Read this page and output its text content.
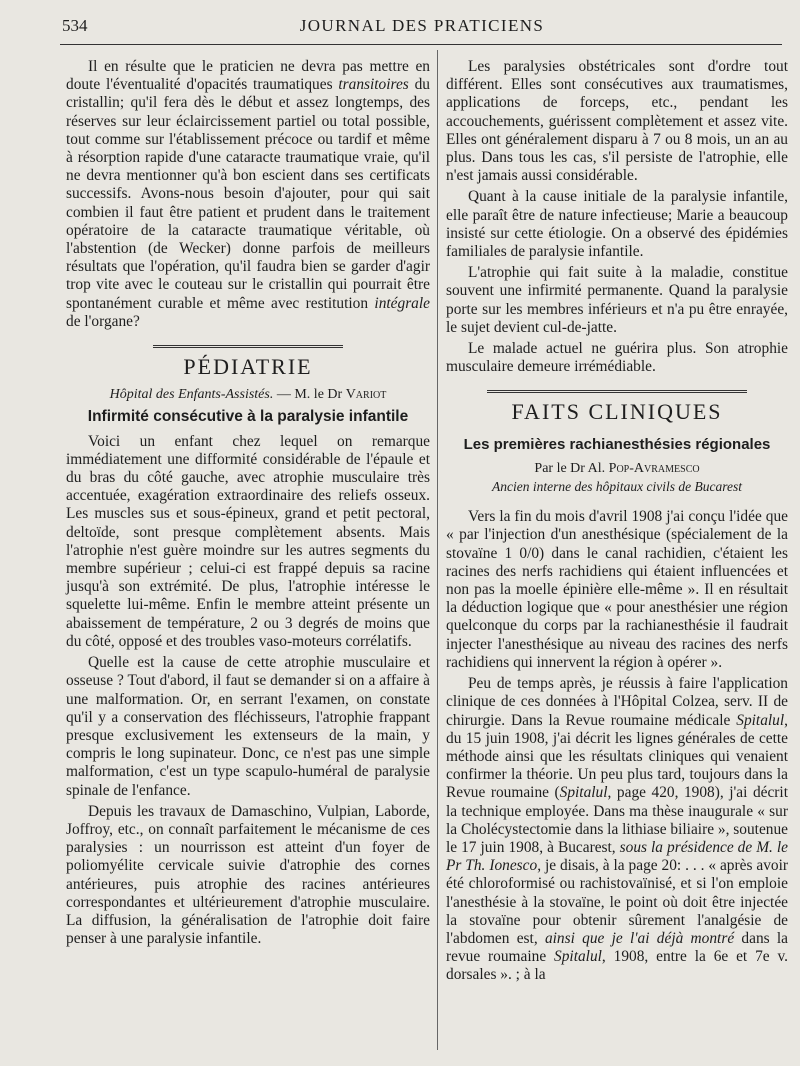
534	JOURNAL DES PRATICIENS

Il en résulte que le praticien ne devra pas mettre en doute l'éventualité d'opacités traumatiques transitoires du cristallin; qu'il fera dès le début et assez longtemps, des réserves sur leur éclaircissement partiel ou total possible, tout comme sur l'établissement précoce ou tardif et même à résorption rapide d'une cataracte traumatique vraie, qu'il ne devra mentionner qu'à bon escient dans ses certificats successifs. Avons-nous besoin d'ajouter, pour qui sait combien il faut être patient et prudent dans le traitement opératoire de la cataracte traumatique véritable, où l'abstention (de Wecker) donne parfois de meilleurs résultats que l'opération, qu'il faudra bien se garder d'agir trop vite avec le couteau sur le cristallin qui pourrait être spontanément curable et même avec restitution intégrale de l'organe?

PÉDIATRIE
Hôpital des Enfants-Assistés. — M. le Dr Variot
Infirmité consécutive à la paralysie infantile

Voici un enfant chez lequel on remarque immédiatement une difformité considérable de l'épaule et du bras du côté gauche, avec atrophie musculaire très accentuée, exagération extraordinaire des reliefs osseux. Les muscles sus et sous-épineux, grand et petit pectoral, deltoïde, sont presque complètement absents. Mais l'atrophie n'est guère moindre sur les autres segments du membre supérieur ; celui-ci est frappé depuis sa racine jusqu'à son extrémité. De plus, l'atrophie intéresse le squelette lui-même. Enfin le membre atteint présente un abaissement de température, 2 ou 3 degrés de moins que du côté, opposé et des troubles vaso-moteurs corrélatifs.

Quelle est la cause de cette atrophie musculaire et osseuse ? Tout d'abord, il faut se demander si on a affaire à une malformation. Or, en serrant l'examen, on constate qu'il y a conservation des fléchisseurs, l'atrophie frappant presque exclusivement les extenseurs de la main, y compris le long supinateur. Donc, ce n'est pas une simple malformation, c'est un type scapulo-huméral de paralysie spinale de l'enfance.

Depuis les travaux de Damaschino, Vulpian, Laborde, Joffroy, etc., on connaît parfaitement le mécanisme de ces paralysies : un nourrisson est atteint d'un foyer de poliomyélite cervicale suivie d'atrophie des cornes antérieures, puis atrophie des racines antérieures correspondantes et ultérieurement d'atrophie musculaire. La diffusion, la généralisation de l'atrophie doit faire penser à une paralysie infantile.

Les paralysies obstétricales sont d'ordre tout différent. Elles sont consécutives aux traumatismes, applications de forceps, etc., pendant les accouchements, guérissent complètement et assez vite. Elles ont généralement disparu à 7 ou 8 mois, un an au plus. Dans tous les cas, s'il persiste de l'atrophie, elle n'est jamais aussi considérable.

Quant à la cause initiale de la paralysie infantile, elle paraît être de nature infectieuse; Marie a beaucoup insisté sur cette étiologie. On a observé des épidémies familiales de paralysie infantile.

L'atrophie qui fait suite à la maladie, constitue souvent une infirmité permanente. Quand la paralysie porte sur les membres inférieurs et n'a pu être enrayée, le sujet devient cul-de-jatte.

Le malade actuel ne guérira plus. Son atrophie musculaire demeure irrémédiable.

FAITS CLINIQUES
Les premières rachianesthésies régionales
Par le Dr Al. Pop-Avramesco
Ancien interne des hôpitaux civils de Bucarest

Vers la fin du mois d'avril 1908 j'ai conçu l'idée que « par l'injection d'un anesthésique (spécialement de la stovaïne 1 0/0) dans le canal rachidien, c'étaient les racines des nerfs rachidiens qui étaient influencées et non pas la moelle épinière elle-même ». Il en résultait la déduction logique que « pour anesthésier une région quelconque du corps par la rachianesthésie il faudrait injecter l'anesthésique au niveau des racines des nerfs rachidiens qui innervent la région à opérer ».

Peu de temps après, je réussis à faire l'application clinique de ces données à l'Hôpital Colzea, serv. II de chirurgie. Dans la Revue roumaine médicale Spitalul, du 15 juin 1908, j'ai décrit les lignes générales de cette méthode ainsi que les résultats cliniques qui venaient confirmer la théorie. Un peu plus tard, toujours dans la Revue roumaine (Spitalul, page 420, 1908), j'ai décrit la technique employée. Dans ma thèse inaugurale « sur la Cholécystectomie dans la lithiase biliaire », soutenue le 17 juin 1908, à Bucarest, sous la présidence de M. le Pr Th. Ionesco, je disais, à la page 20: . . . « après avoir été chloroformisé ou rachistovaïnisé, et si l'on emploie l'anesthésie à la stovaïne, le point où doit être injectée la stovaïne pour obtenir sûrement l'analgésie de l'abdomen est, ainsi que je l'ai déjà montré dans la revue roumaine Spitalul, 1908, entre la 6e et 7e v. dorsales ». ; à la
